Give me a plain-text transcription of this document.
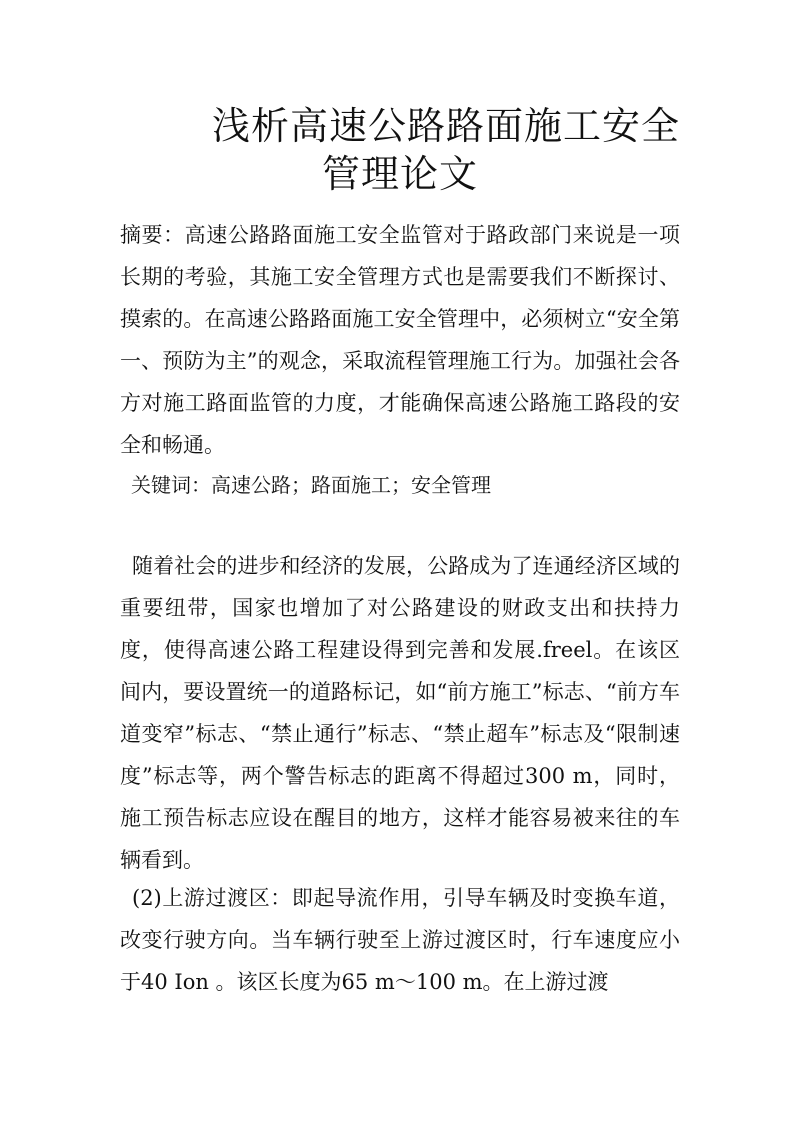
浅析高速公路路面施工安全
管理论文
摘要：高速公路路面施工安全监管对于路政部门来说是一项长期的考验，其施工安全管理方式也是需要我们不断探讨、摸索的。在高速公路路面施工安全管理中，必须树立“安全第一、预防为主”的观念，采取流程管理施工行为。加强社会各方对施工路面监管的力度，才能确保高速公路施工路段的安全和畅通。
关键词：高速公路；路面施工；安全管理
随着社会的进步和经济的发展，公路成为了连通经济区域的重要纽带，国家也增加了对公路建设的财政支出和扶持力度，使得高速公路工程建设得到完善和发展.freel。在该区间内，要设置统一的道路标记，如“前方施工”标志、“前方车道变窄”标志、“禁止通行”标志、“禁止超车”标志及“限制速度”标志等，两个警告标志的距离不得超过300 m，同时，施工预告标志应设在醒目的地方，这样才能容易被来往的车辆看到。
(2)上游过渡区：即起导流作用，引导车辆及时变换车道，改变行驶方向。当车辆行驶至上游过渡区时，行车速度应小于40 Ion 。该区长度为65 m～100 m。在上游过渡
